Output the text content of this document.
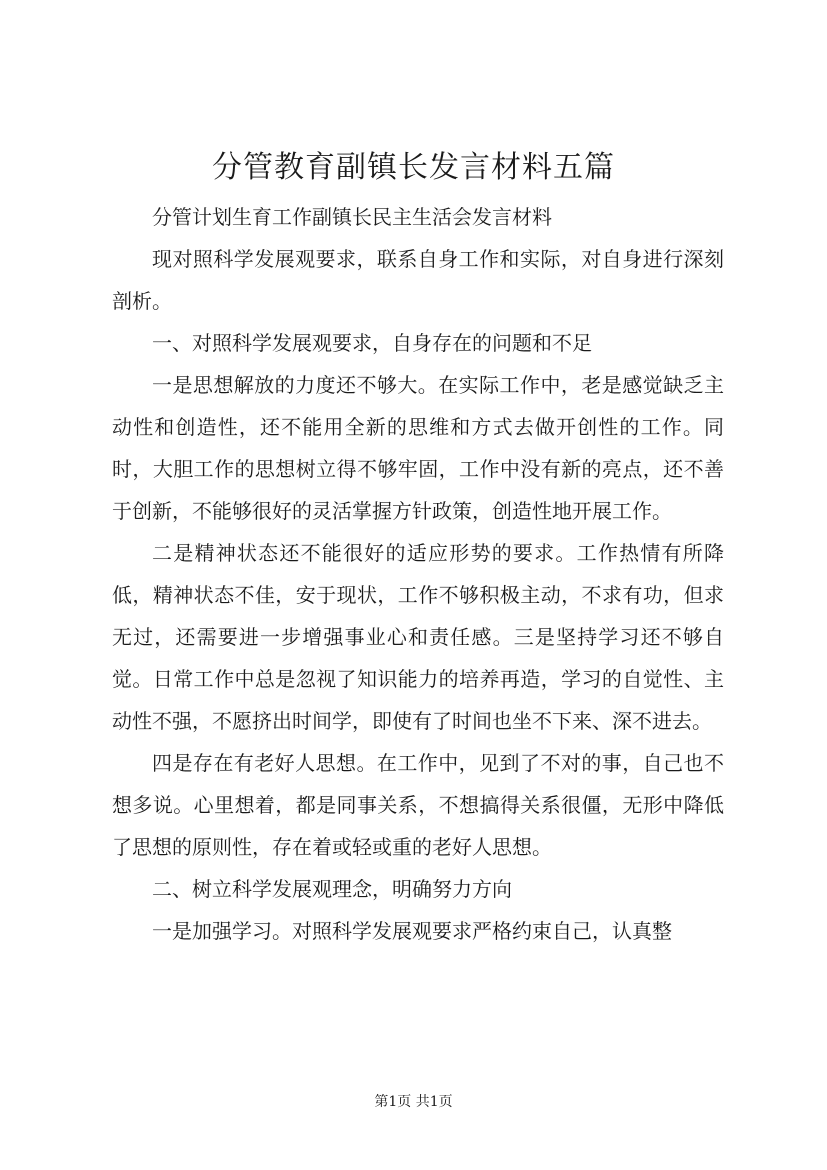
分管教育副镇长发言材料五篇

分管计划生育工作副镇长民主生活会发言材料

现对照科学发展观要求，联系自身工作和实际，对自身进行深刻剖析。

一、对照科学发展观要求，自身存在的问题和不足

一是思想解放的力度还不够大。在实际工作中，老是感觉缺乏主动性和创造性，还不能用全新的思维和方式去做开创性的工作。同时，大胆工作的思想树立得不够牢固，工作中没有新的亮点，还不善于创新，不能够很好的灵活掌握方针政策，创造性地开展工作。

二是精神状态还不能很好的适应形势的要求。工作热情有所降低，精神状态不佳，安于现状，工作不够积极主动，不求有功，但求无过，还需要进一步增强事业心和责任感。三是坚持学习还不够自觉。日常工作中总是忽视了知识能力的培养再造，学习的自觉性、主动性不强，不愿挤出时间学，即使有了时间也坐不下来、深不进去。

四是存在有老好人思想。在工作中，见到了不对的事，自己也不想多说。心里想着，都是同事关系，不想搞得关系很僵，无形中降低了思想的原则性，存在着或轻或重的老好人思想。

二、树立科学发展观理念，明确努力方向

一是加强学习。对照科学发展观要求严格约束自己，认真整

第1页 共1页
